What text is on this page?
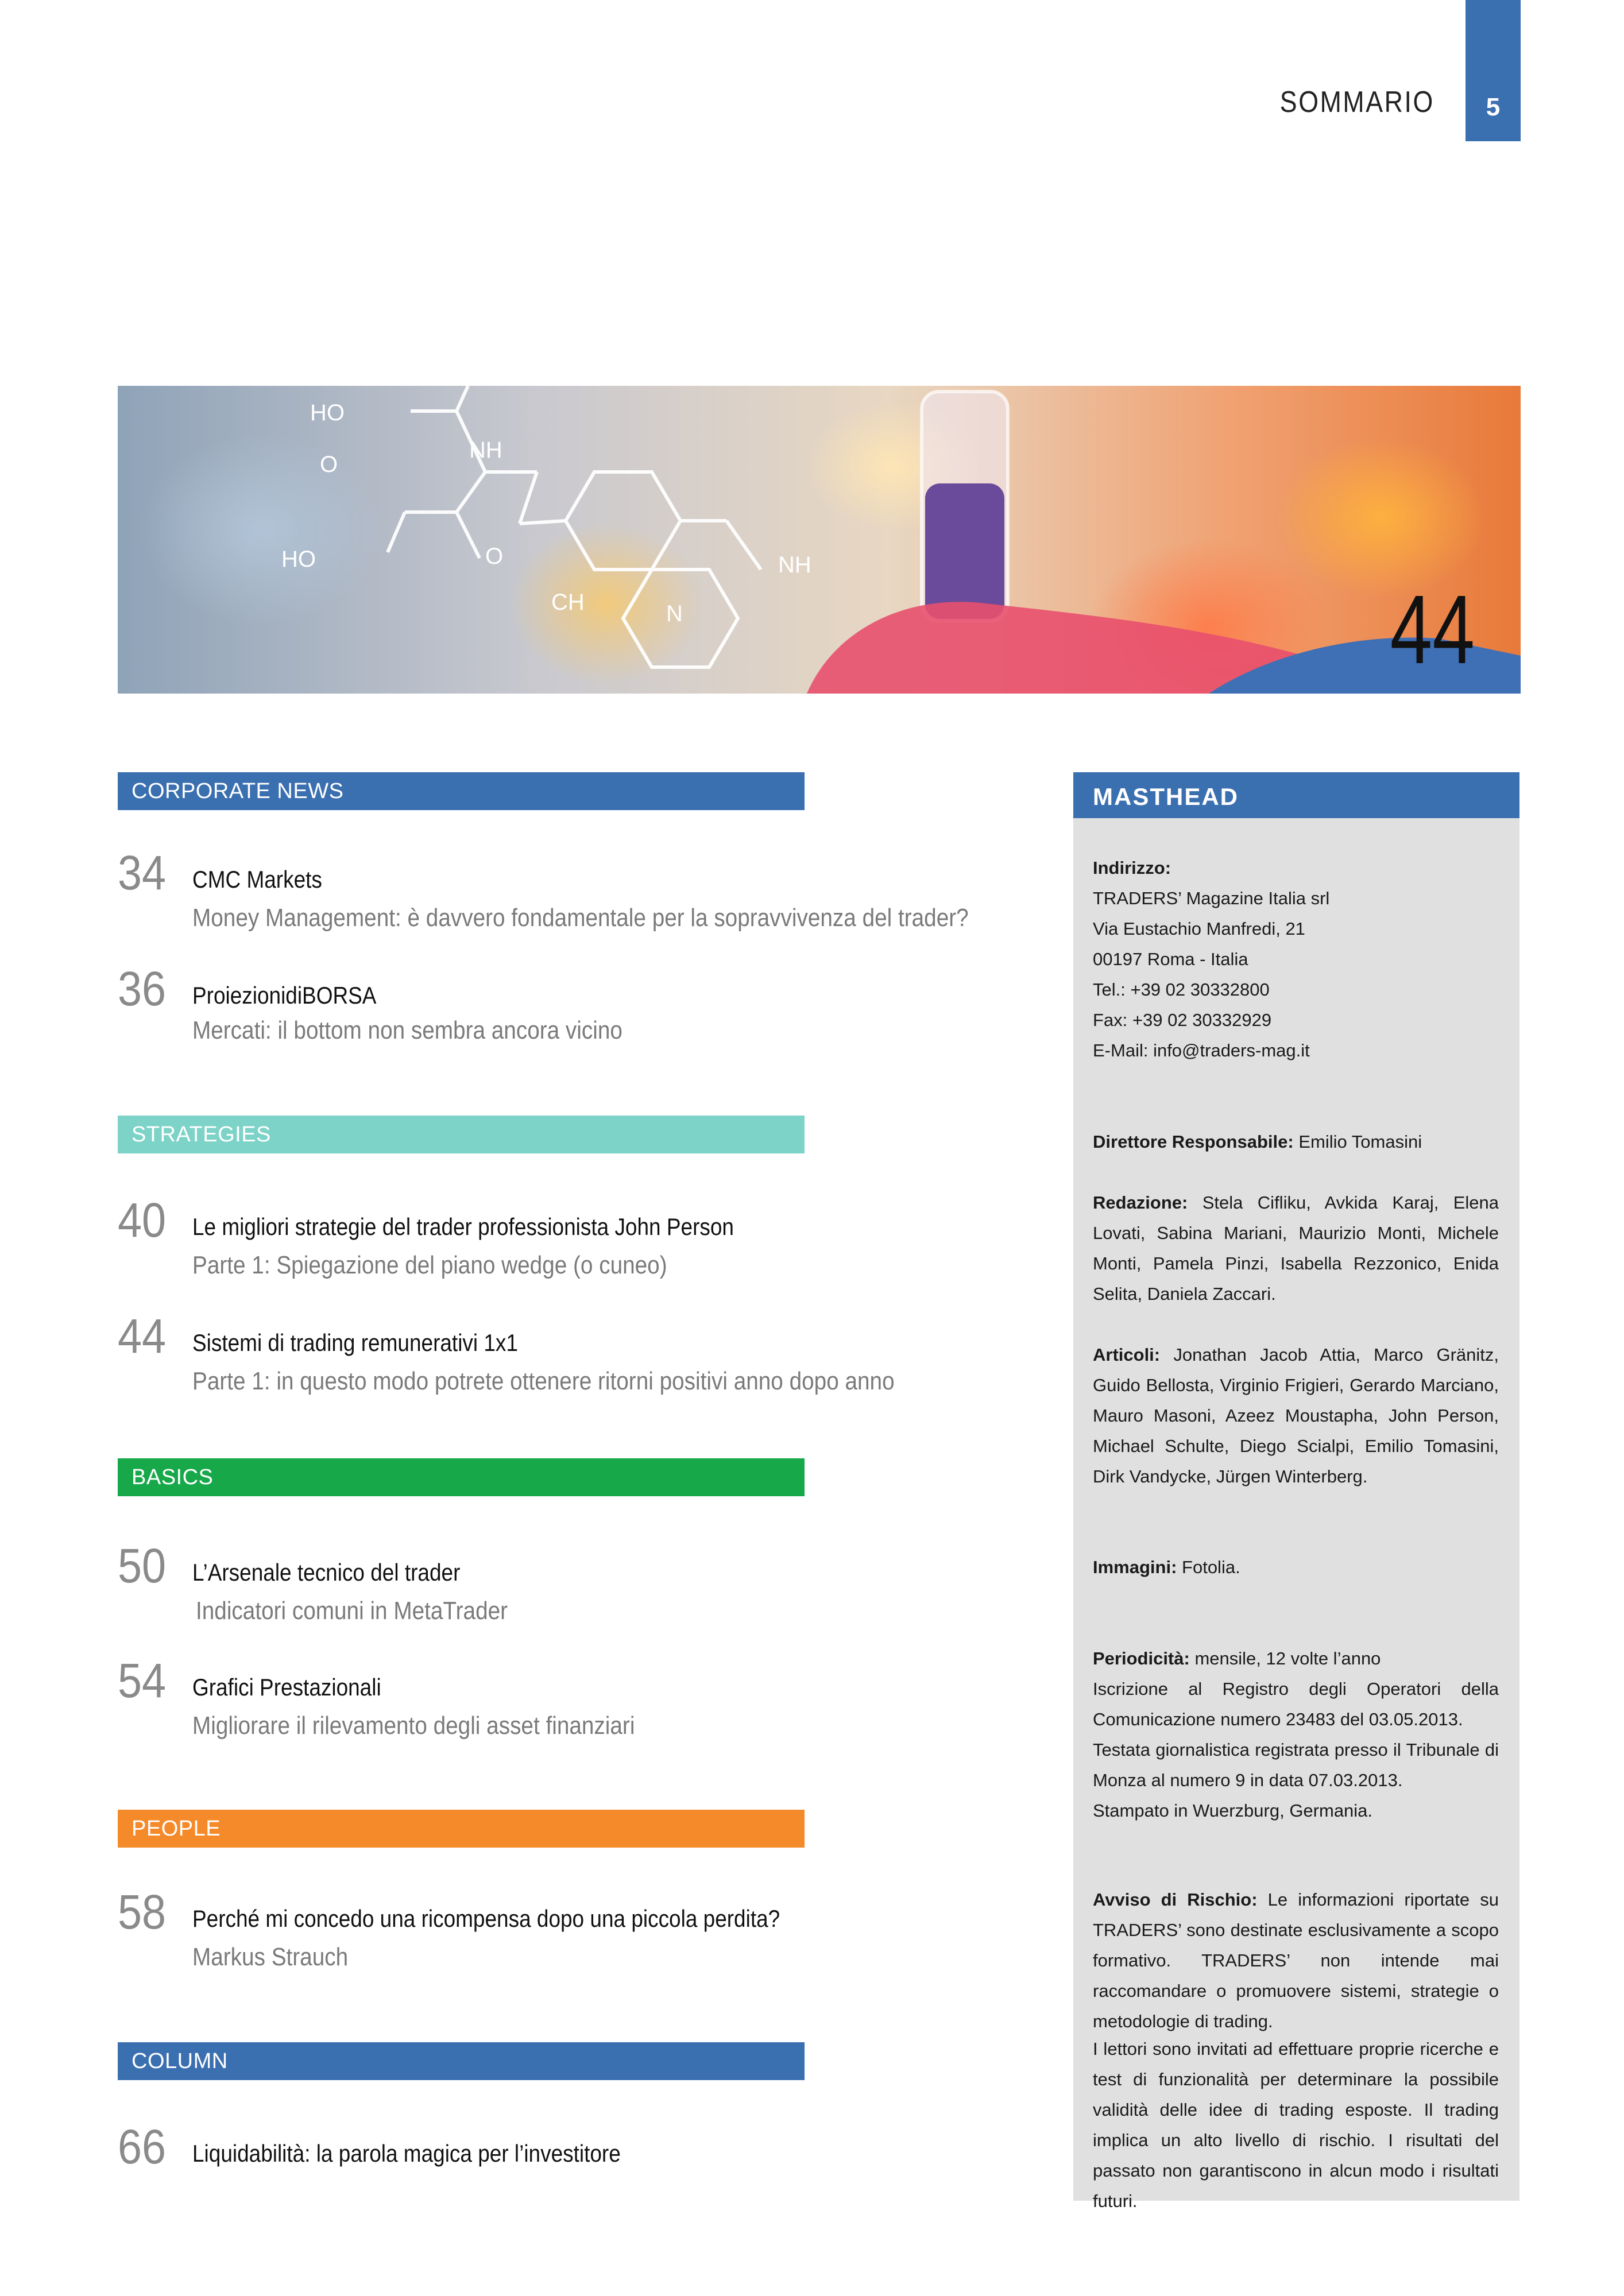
SOMMARIO	5
HO
O
NH
HO	O
CH	N
NH
44
CORPORATE NEWS
34 CMC Markets
Money Management: è davvero fondamentale per la sopravvivenza del trader?
36 ProiezionidiBORSA
Mercati: il bottom non sembra ancora vicino
STRATEGIES
40 Le migliori strategie del trader professionista John Person
Parte 1: Spiegazione del piano wedge (o cuneo)
44 Sistemi di trading remunerativi 1x1
Parte 1: in questo modo potrete ottenere ritorni positivi anno dopo anno
BASICS
50 L’Arsenale tecnico del trader
Indicatori comuni in MetaTrader
54 Grafici Prestazionali
Migliorare il rilevamento degli asset finanziari
PEOPLE
58 Perché mi concedo una ricompensa dopo una piccola perdita?
Markus Strauch
COLUMN
66 Liquidabilità: la parola magica per l’investitore
MASTHEAD

Indirizzo:
TRADERS’ Magazine Italia srl
Via Eustachio Manfredi, 21
00197 Roma - Italia
Tel.: +39 02 30332800
Fax: +39 02 30332929
E-Mail: info@traders-mag.it

Direttore Responsabile: Emilio Tomasini

Redazione: Stela Cifliku, Avkida Karaj, Elena Lovati, Sabina Mariani, Maurizio Monti, Michele Monti, Pamela Pinzi, Isabella Rezzonico, Enida Selita, Daniela Zaccari.

Articoli: Jonathan Jacob Attia, Marco Gränitz, Guido Bellosta, Virginio Frigieri, Gerardo Marciano, Mauro Masoni, Azeez Moustapha, John Person, Michael Schulte, Diego Scialpi, Emilio Tomasini, Dirk Vandycke, Jürgen Winterberg.

Immagini: Fotolia.

Periodicità: mensile, 12 volte l’anno
Iscrizione al Registro degli Operatori della Comunicazione numero 23483 del 03.05.2013.
Testata giornalistica registrata presso il Tribunale di Monza al numero 9 in data 07.03.2013.
Stampato in Wuerzburg, Germania.

Avviso di Rischio: Le informazioni riportate su TRADERS’ sono destinate esclusivamente a scopo formativo. TRADERS’ non intende mai raccomandare o promuovere sistemi, strategie o metodologie di trading.

I lettori sono invitati ad effettuare proprie ricerche e test di funzionalità per determinare la possibile validità delle idee di trading esposte. Il trading implica un alto livello di rischio. I risultati del passato non garantiscono in alcun modo i risultati futuri.
